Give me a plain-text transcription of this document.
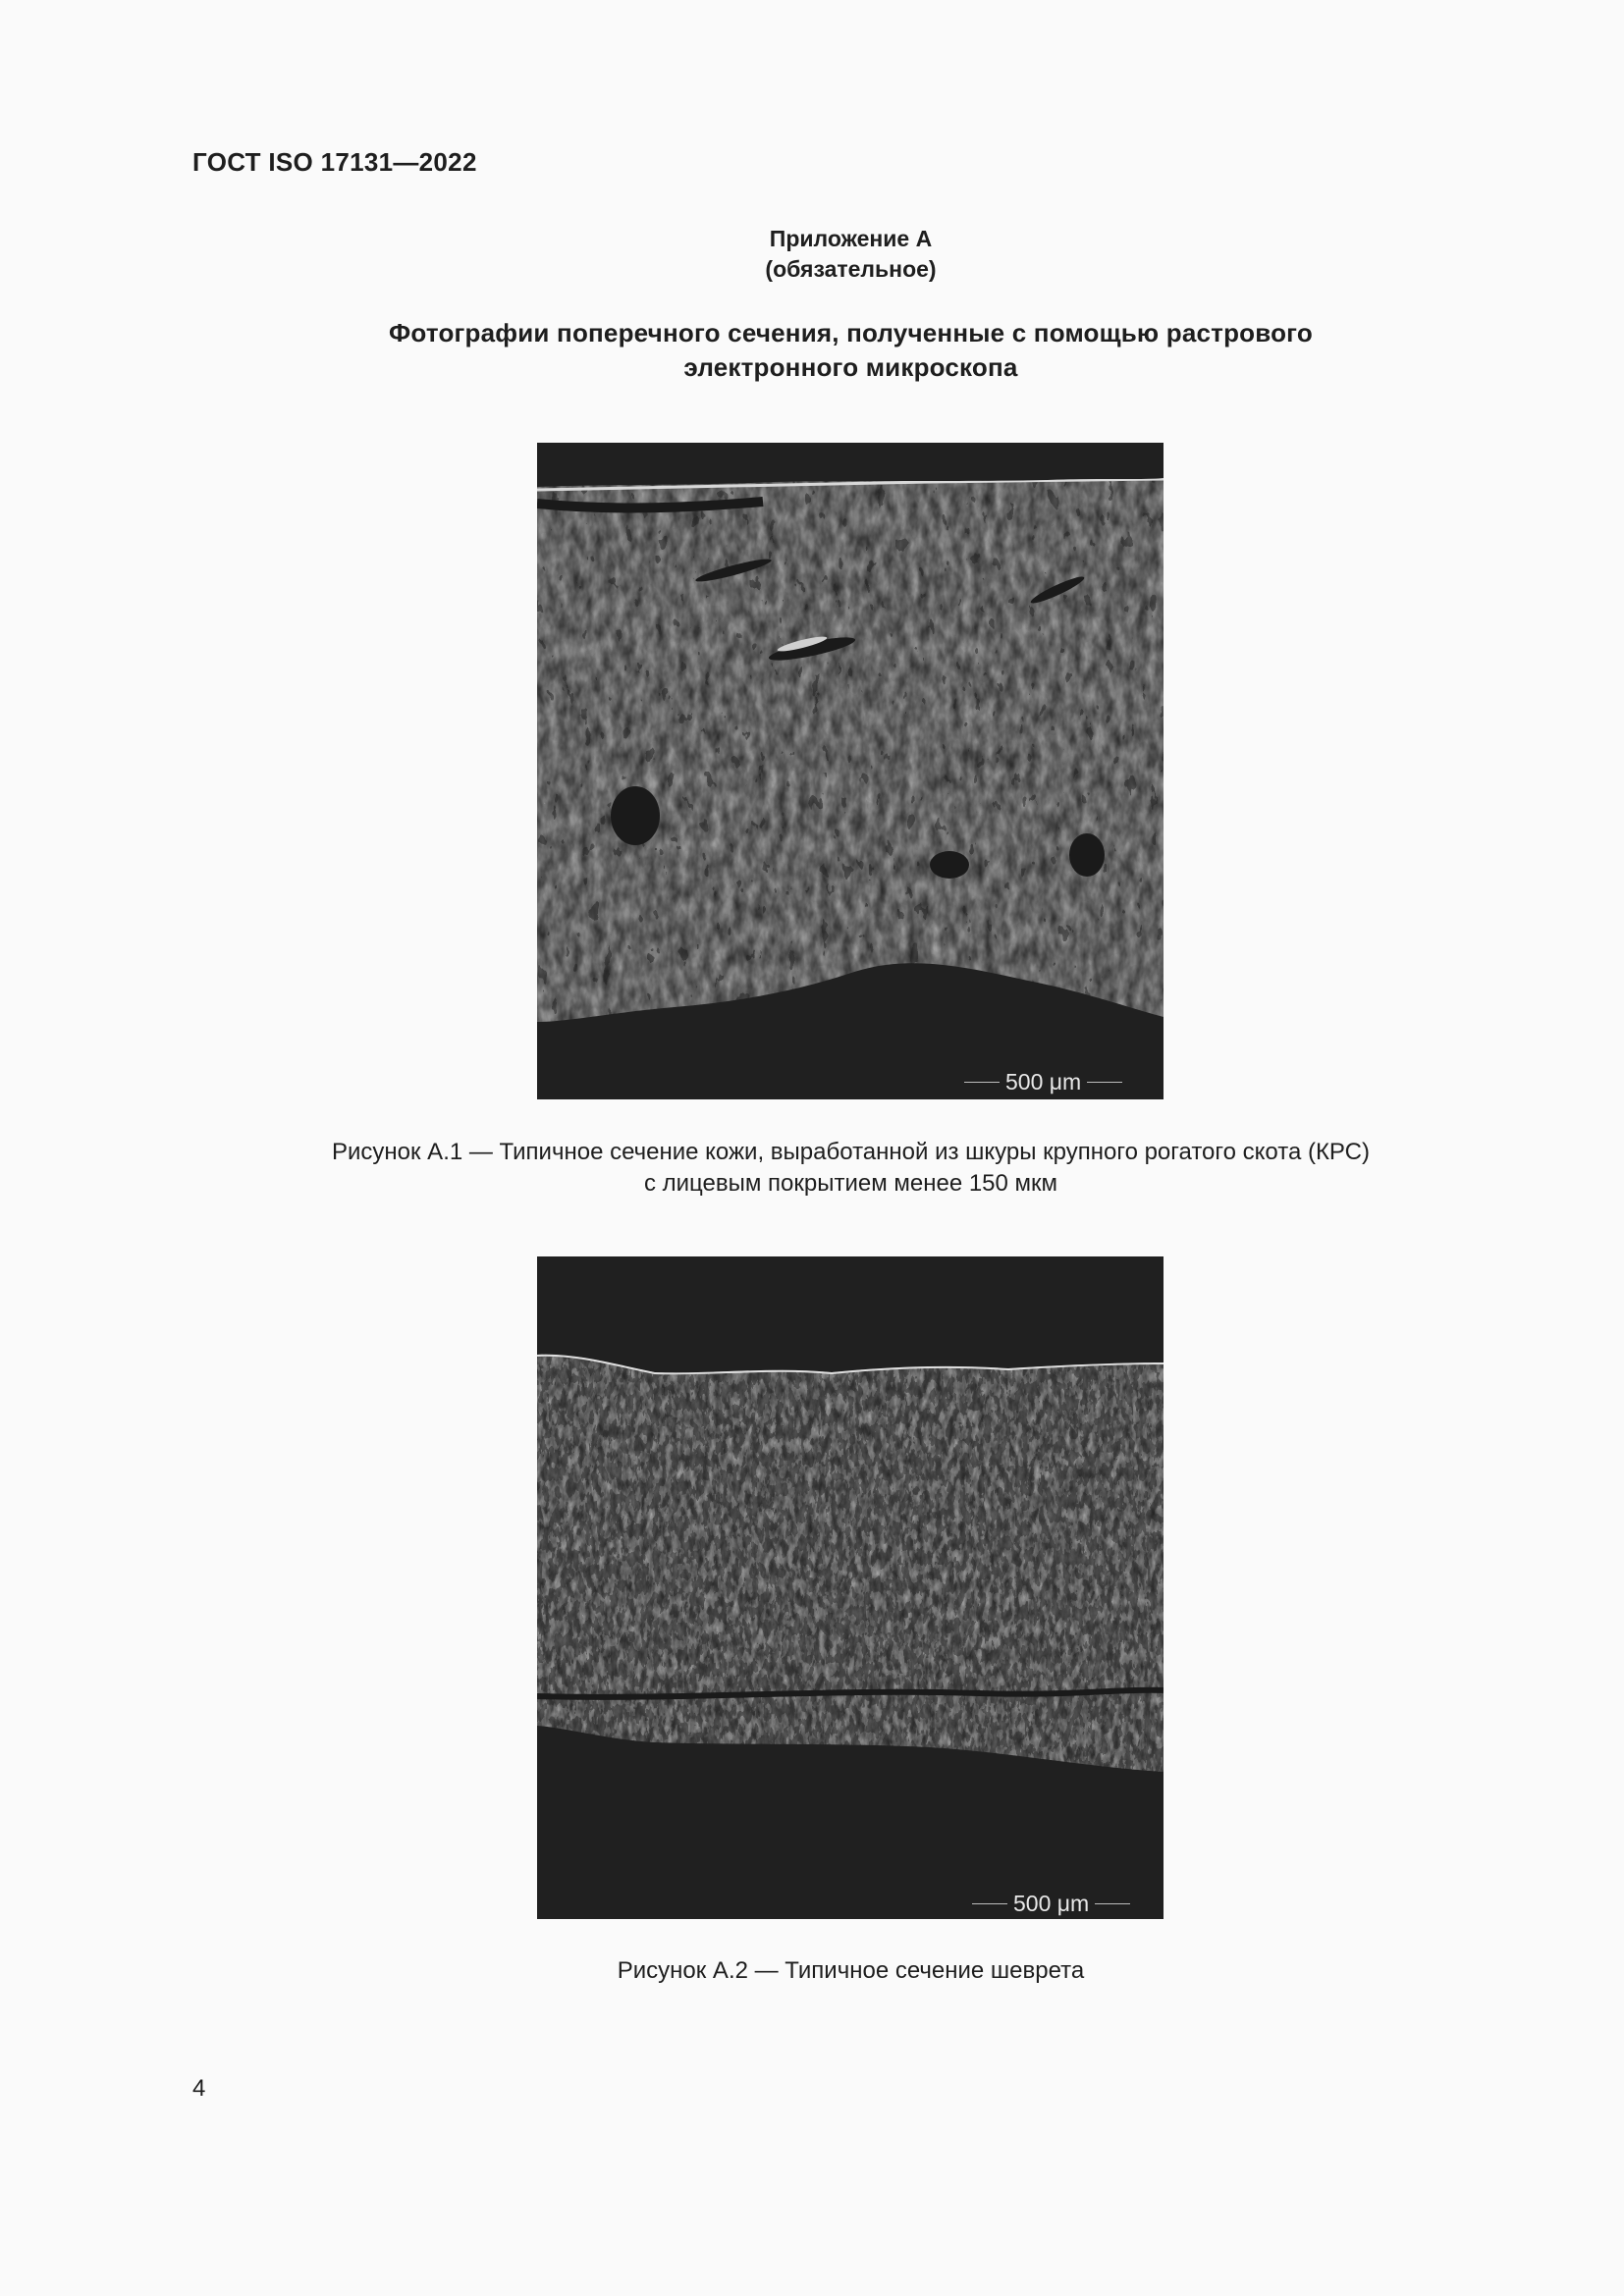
ГОСТ ISO 17131—2022
Приложение А
(обязательное)
Фотографии поперечного сечения, полученные с помощью растрового
электронного микроскопа
500 μm
Рисунок А.1 — Типичное сечение кожи, выработанной из шкуры крупного рогатого скота (КРС)
с лицевым покрытием менее 150 мкм
500 μm
Рисунок А.2 — Типичное сечение шеврета
4
